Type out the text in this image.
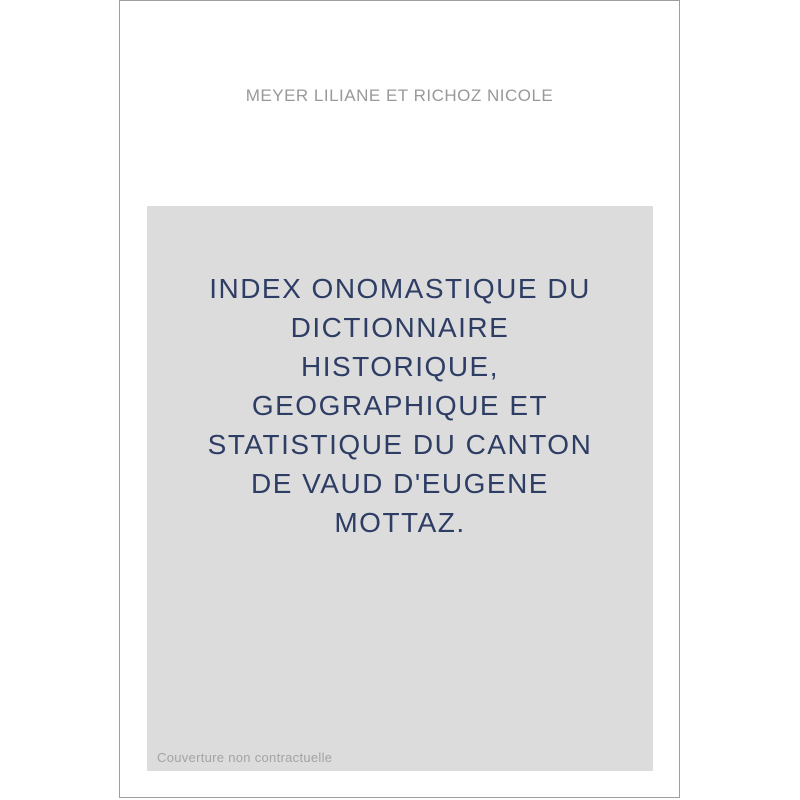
MEYER LILIANE ET RICHOZ NICOLE
INDEX ONOMASTIQUE DU
DICTIONNAIRE
HISTORIQUE,
GEOGRAPHIQUE ET
STATISTIQUE DU CANTON
DE VAUD D'EUGENE
MOTTAZ.
Couverture non contractuelle
